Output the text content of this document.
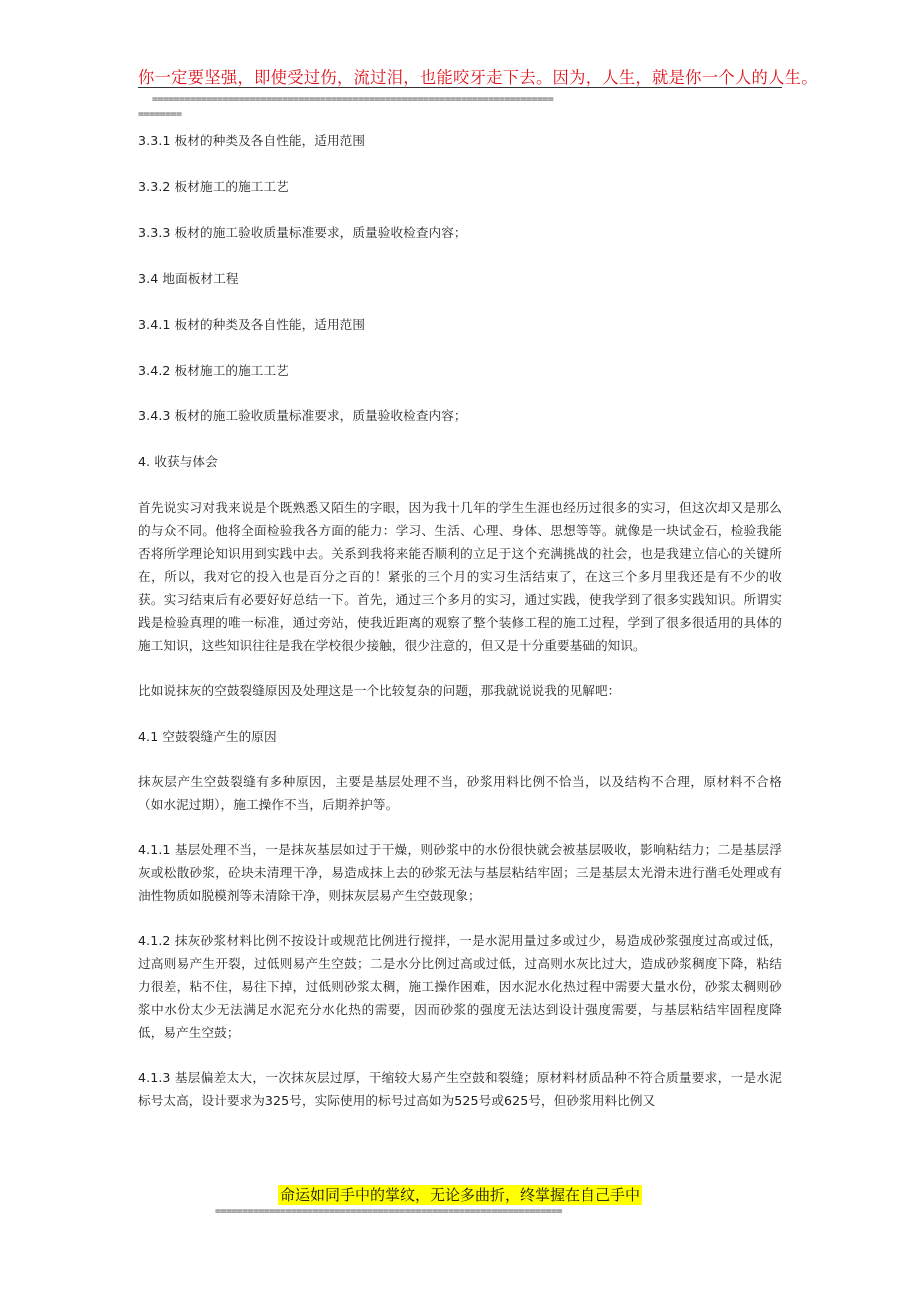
你一定要坚强，即使受过伤，流过泪，也能咬牙走下去。因为，人生，就是你一个人的人生。
==========================================================================
========

3.3.1 板材的种类及各自性能，适用范围

3.3.2 板材施工的施工工艺

3.3.3 板材的施工验收质量标准要求，质量验收检查内容；

3.4 地面板材工程

3.4.1 板材的种类及各自性能，适用范围

3.4.2 板材施工的施工工艺

3.4.3 板材的施工验收质量标准要求，质量验收检查内容；

4. 收获与体会

首先说实习对我来说是个既熟悉又陌生的字眼，因为我十几年的学生生涯也经历过很多的实习，但这次却又是那么的与众不同。他将全面检验我各方面的能力：学习、生活、心理、身体、思想等等。就像是一块试金石，检验我能否将所学理论知识用到实践中去。关系到我将来能否顺利的立足于这个充满挑战的社会，也是我建立信心的关键所在，所以，我对它的投入也是百分之百的！紧张的三个月的实习生活结束了，在这三个多月里我还是有不少的收获。实习结束后有必要好好总结一下。首先，通过三个多月的实习，通过实践，使我学到了很多实践知识。所谓实践是检验真理的唯一标准，通过旁站，使我近距离的观察了整个装修工程的施工过程，学到了很多很适用的具体的施工知识，这些知识往往是我在学校很少接触，很少注意的，但又是十分重要基础的知识。

比如说抹灰的空鼓裂缝原因及处理这是一个比较复杂的问题，那我就说说我的见解吧：

4.1 空鼓裂缝产生的原因

抹灰层产生空鼓裂缝有多种原因，主要是基层处理不当，砂浆用料比例不恰当，以及结构不合理，原材料不合格（如水泥过期），施工操作不当，后期养护等。

4.1.1 基层处理不当，一是抹灰基层如过于干燥，则砂浆中的水份很快就会被基层吸收，影响粘结力；二是基层浮灰或松散砂浆，砼块未清理干净，易造成抹上去的砂浆无法与基层粘结牢固；三是基层太光滑未进行凿毛处理或有油性物质如脱模剂等未清除干净，则抹灰层易产生空鼓现象；

4.1.2 抹灰砂浆材料比例不按设计或规范比例进行搅拌，一是水泥用量过多或过少，易造成砂浆强度过高或过低，过高则易产生开裂，过低则易产生空鼓；二是水分比例过高或过低，过高则水灰比过大，造成砂浆稠度下降，粘结力很差，粘不住，易往下掉，过低则砂浆太稠，施工操作困难，因水泥水化热过程中需要大量水份，砂浆太稠则砂浆中水份太少无法满足水泥充分水化热的需要，因而砂浆的强度无法达到设计强度需要，与基层粘结牢固程度降低，易产生空鼓；

4.1.3 基层偏差太大，一次抹灰层过厚，干缩较大易产生空鼓和裂缝；原材料材质品种不符合质量要求，一是水泥标号太高，设计要求为325号，实际使用的标号过高如为525号或625号，但砂浆用料比例又

命运如同手中的掌纹，无论多曲折，终掌握在自己手中
================================================================
